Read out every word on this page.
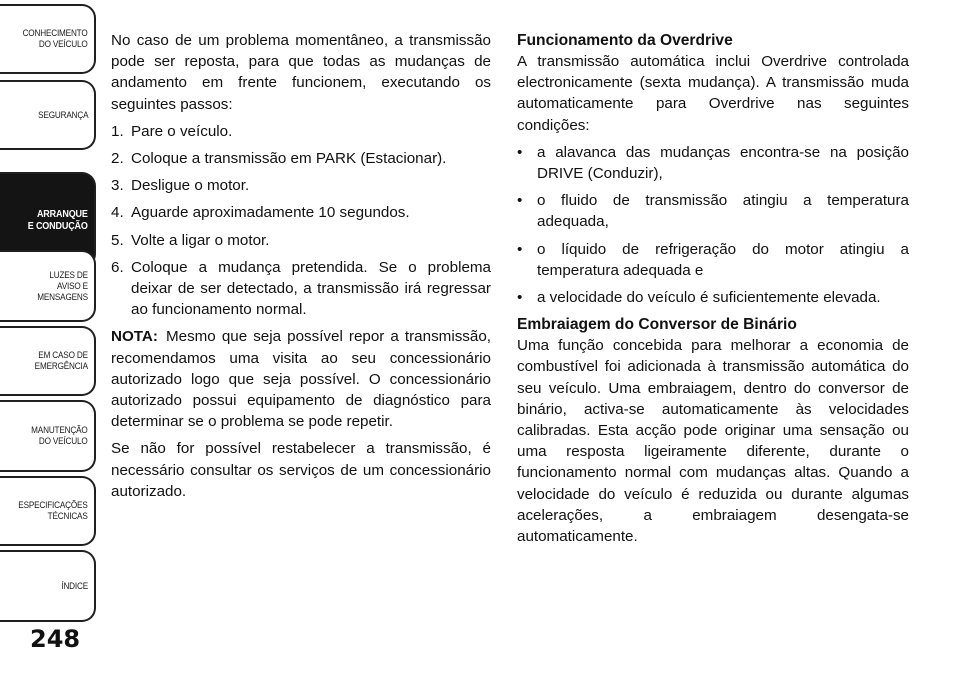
CONHECIMENTO
DO VEÍCULO
SEGURANÇA
ARRANQUE
E CONDUÇÃO
LUZES DE
AVISO E
MENSAGENS
EM CASO DE
EMERGÊNCIA
MANUTENÇÃO
DO VEÍCULO
ESPECIFICAÇÕES
TÉCNICAS
ÍNDICE
248

No caso de um problema momentâneo, a transmissão pode ser reposta, para que todas as mudanças de andamento em frente funcionem, executando os seguintes passos:

1. Pare o veículo.
2. Coloque a transmissão em PARK (Estacionar).
3. Desligue o motor.
4. Aguarde aproximadamente 10 segundos.
5. Volte a ligar o motor.
6. Coloque a mudança pretendida. Se o problema deixar de ser detectado, a transmissão irá regressar ao funcionamento normal.

NOTA: Mesmo que seja possível repor a transmissão, recomendamos uma visita ao seu concessionário autorizado logo que seja possível. O concessionário autorizado possui equipamento de diagnóstico para determinar se o problema se pode repetir.

Se não for possível restabelecer a transmissão, é necessário consultar os serviços de um concessionário autorizado.

Funcionamento da Overdrive

A transmissão automática inclui Overdrive controlada electronicamente (sexta mudança). A transmissão muda automaticamente para Overdrive nas seguintes condições:

• a alavanca das mudanças encontra-se na posição DRIVE (Conduzir),
• o fluido de transmissão atingiu a temperatura adequada,
• o líquido de refrigeração do motor atingiu a temperatura adequada e
• a velocidade do veículo é suficientemente elevada.
Embraiagem do Conversor de Binário

Uma função concebida para melhorar a economia de combustível foi adicionada à transmissão automática do seu veículo. Uma embraiagem, dentro do conversor de binário, activa-se automaticamente às velocidades calibradas. Esta acção pode originar uma sensação ou uma resposta ligeiramente diferente, durante o funcionamento normal com mudanças altas. Quando a velocidade do veículo é reduzida ou durante algumas acelerações, a embraiagem desengata-se automaticamente.
